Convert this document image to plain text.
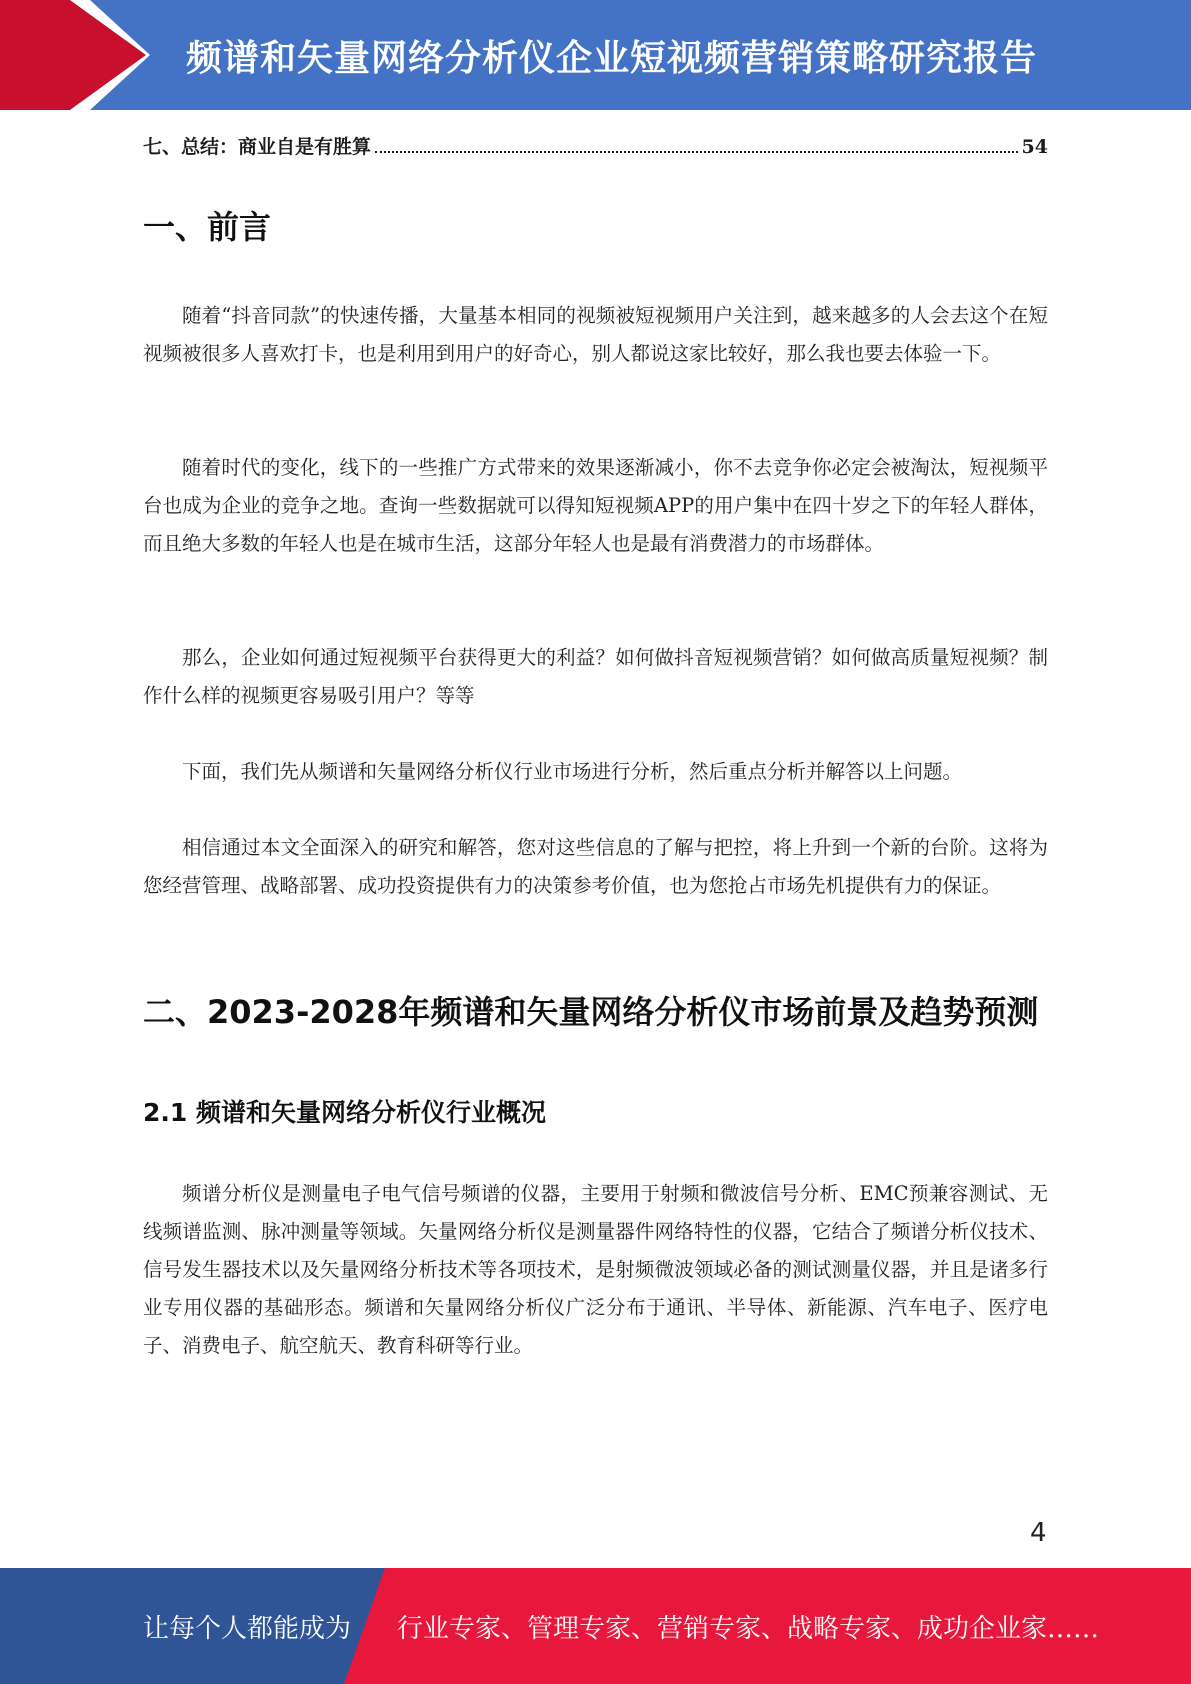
频谱和矢量网络分析仪企业短视频营销策略研究报告
七、总结：商业自是有胜算	54
一、前言

随着“抖音同款”的快速传播，大量基本相同的视频被短视频用户关注到，越来越多的人会去这个在短视频被很多人喜欢打卡，也是利用到用户的好奇心，别人都说这家比较好，那么我也要去体验一下。

随着时代的变化，线下的一些推广方式带来的效果逐渐减小，你不去竞争你必定会被淘汰，短视频平台也成为企业的竞争之地。查询一些数据就可以得知短视频APP的用户集中在四十岁之下的年轻人群体，而且绝大多数的年轻人也是在城市生活，这部分年轻人也是最有消费潜力的市场群体。

那么，企业如何通过短视频平台获得更大的利益？如何做抖音短视频营销？如何做高质量短视频？制作什么样的视频更容易吸引用户？等等

下面，我们先从频谱和矢量网络分析仪行业市场进行分析，然后重点分析并解答以上问题。

相信通过本文全面深入的研究和解答，您对这些信息的了解与把控，将上升到一个新的台阶。这将为您经营管理、战略部署、成功投资提供有力的决策参考价值，也为您抢占市场先机提供有力的保证。

二、2023-2028年频谱和矢量网络分析仪市场前景及趋势预测
2.1 频谱和矢量网络分析仪行业概况

频谱分析仪是测量电子电气信号频谱的仪器，主要用于射频和微波信号分析、EMC预兼容测试、无线频谱监测、脉冲测量等领域。矢量网络分析仪是测量器件网络特性的仪器，它结合了频谱分析仪技术、信号发生器技术以及矢量网络分析技术等各项技术，是射频微波领域必备的测试测量仪器，并且是诸多行业专用仪器的基础形态。频谱和矢量网络分析仪广泛分布于通讯、半导体、新能源、汽车电子、医疗电子、消费电子、航空航天、教育科研等行业。

4
让每个人都能成为 行业专家、管理专家、营销专家、战略专家、成功企业家……
